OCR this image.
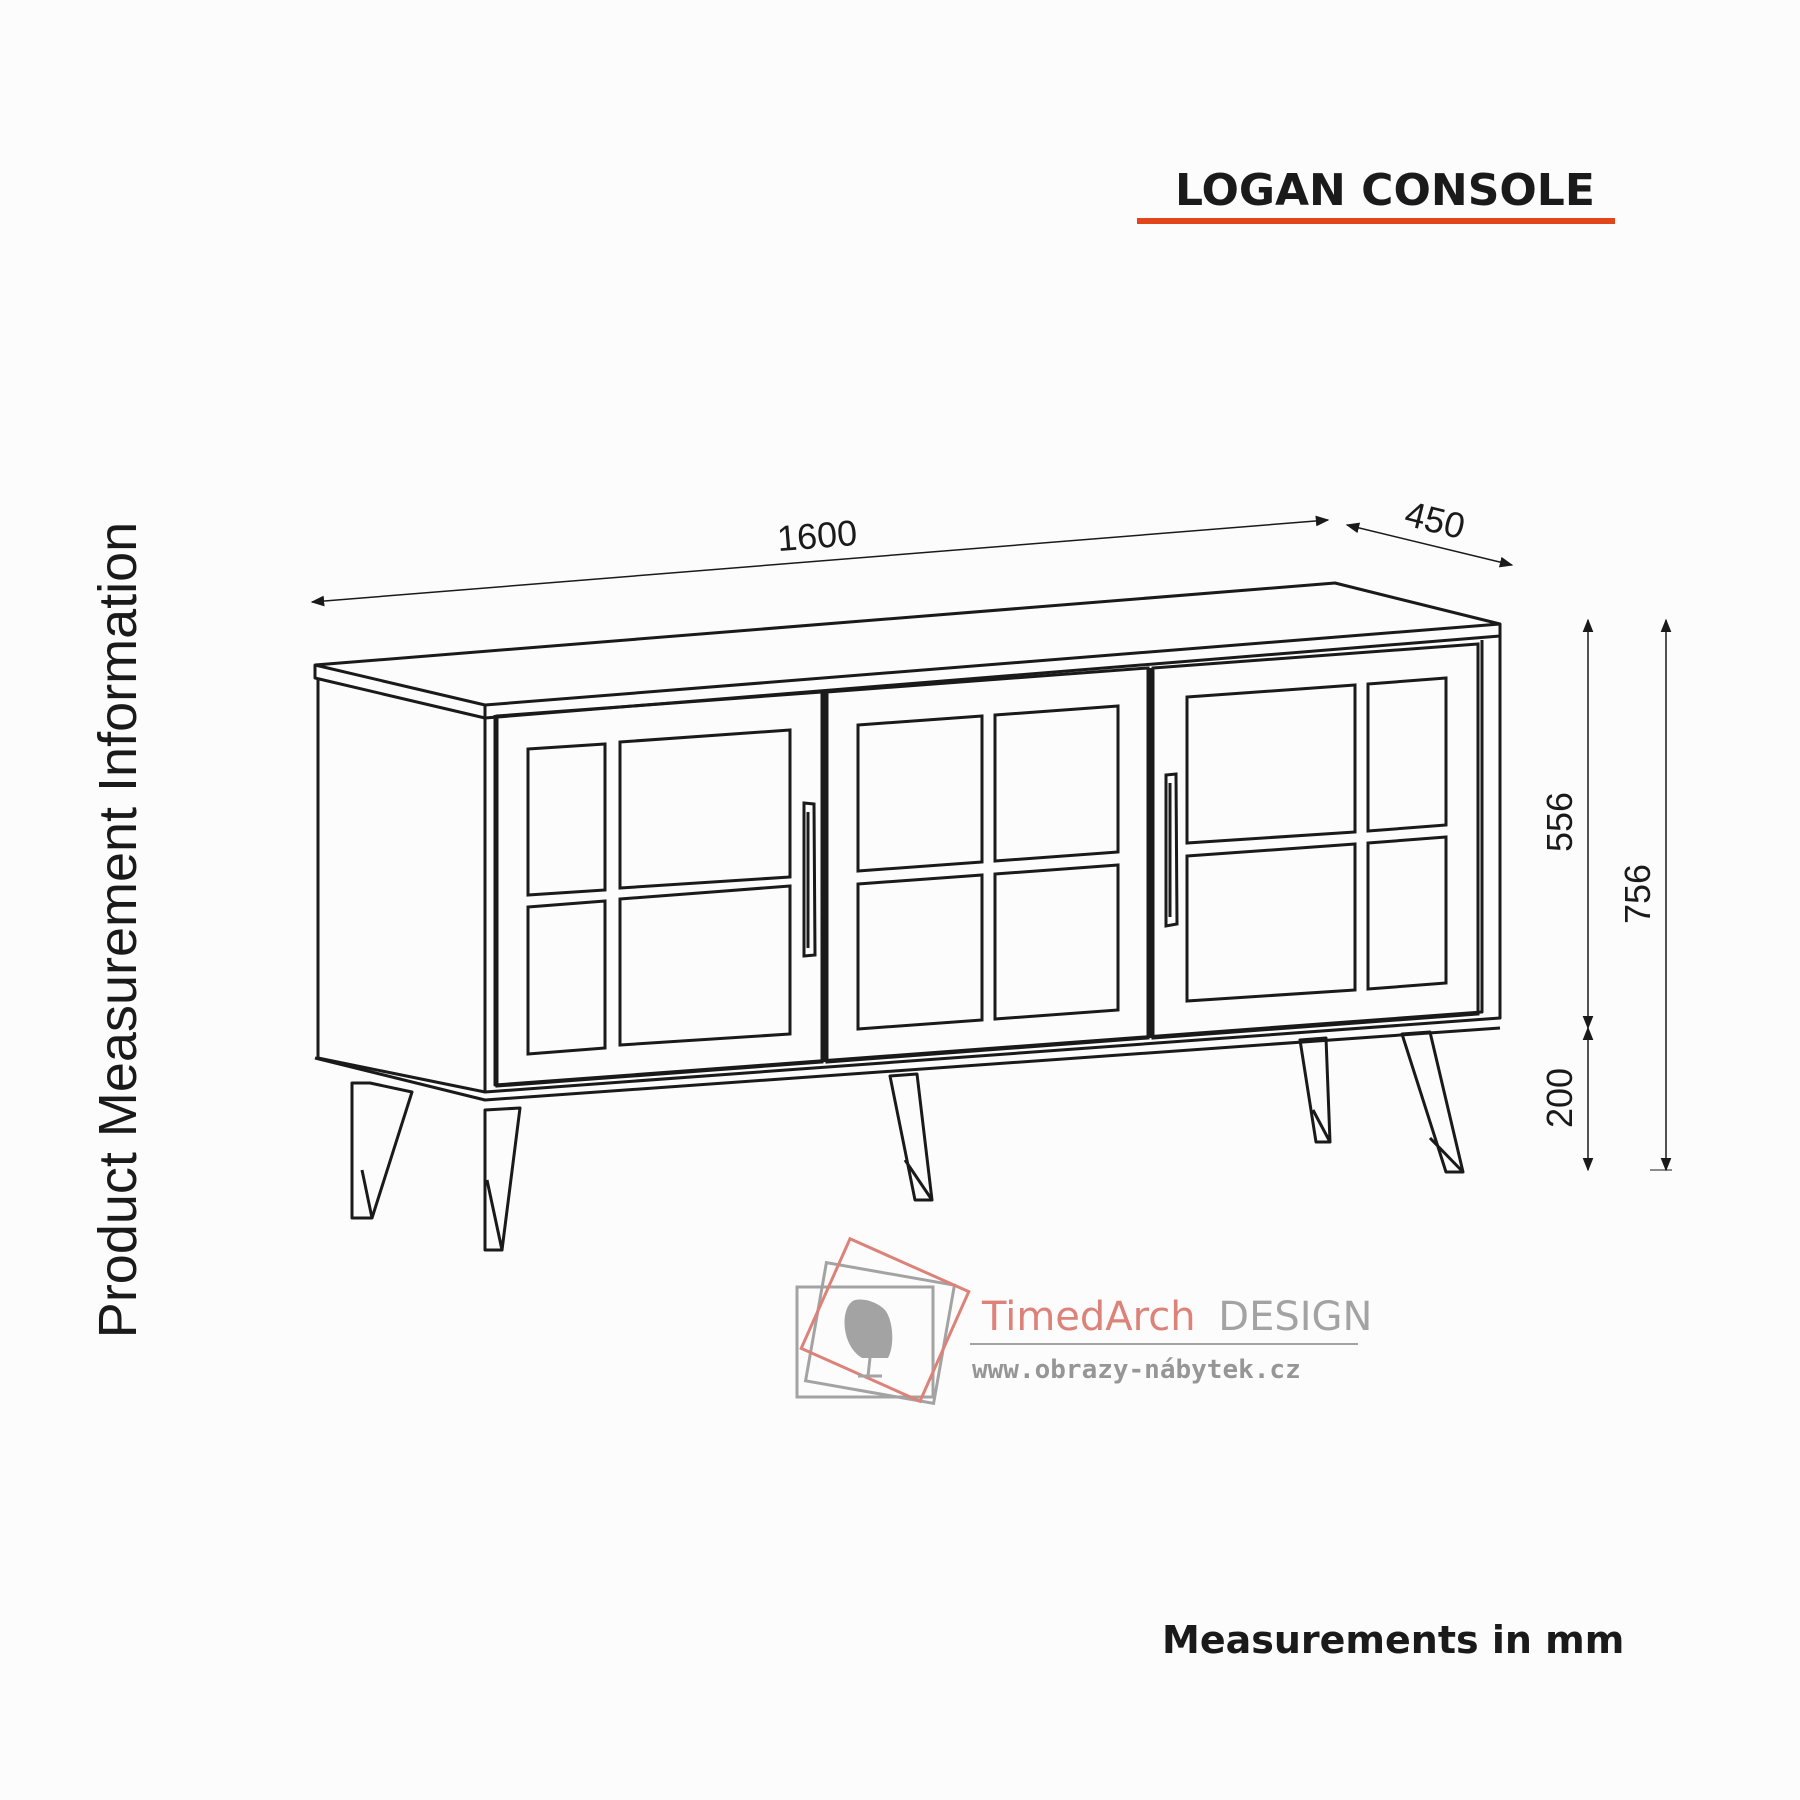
LOGAN CONSOLE
Product Measurement Information
Measurements in mm
1600	450
556
200
756
TimedArch DESIGN
www.obrazy-nábytek.cz
